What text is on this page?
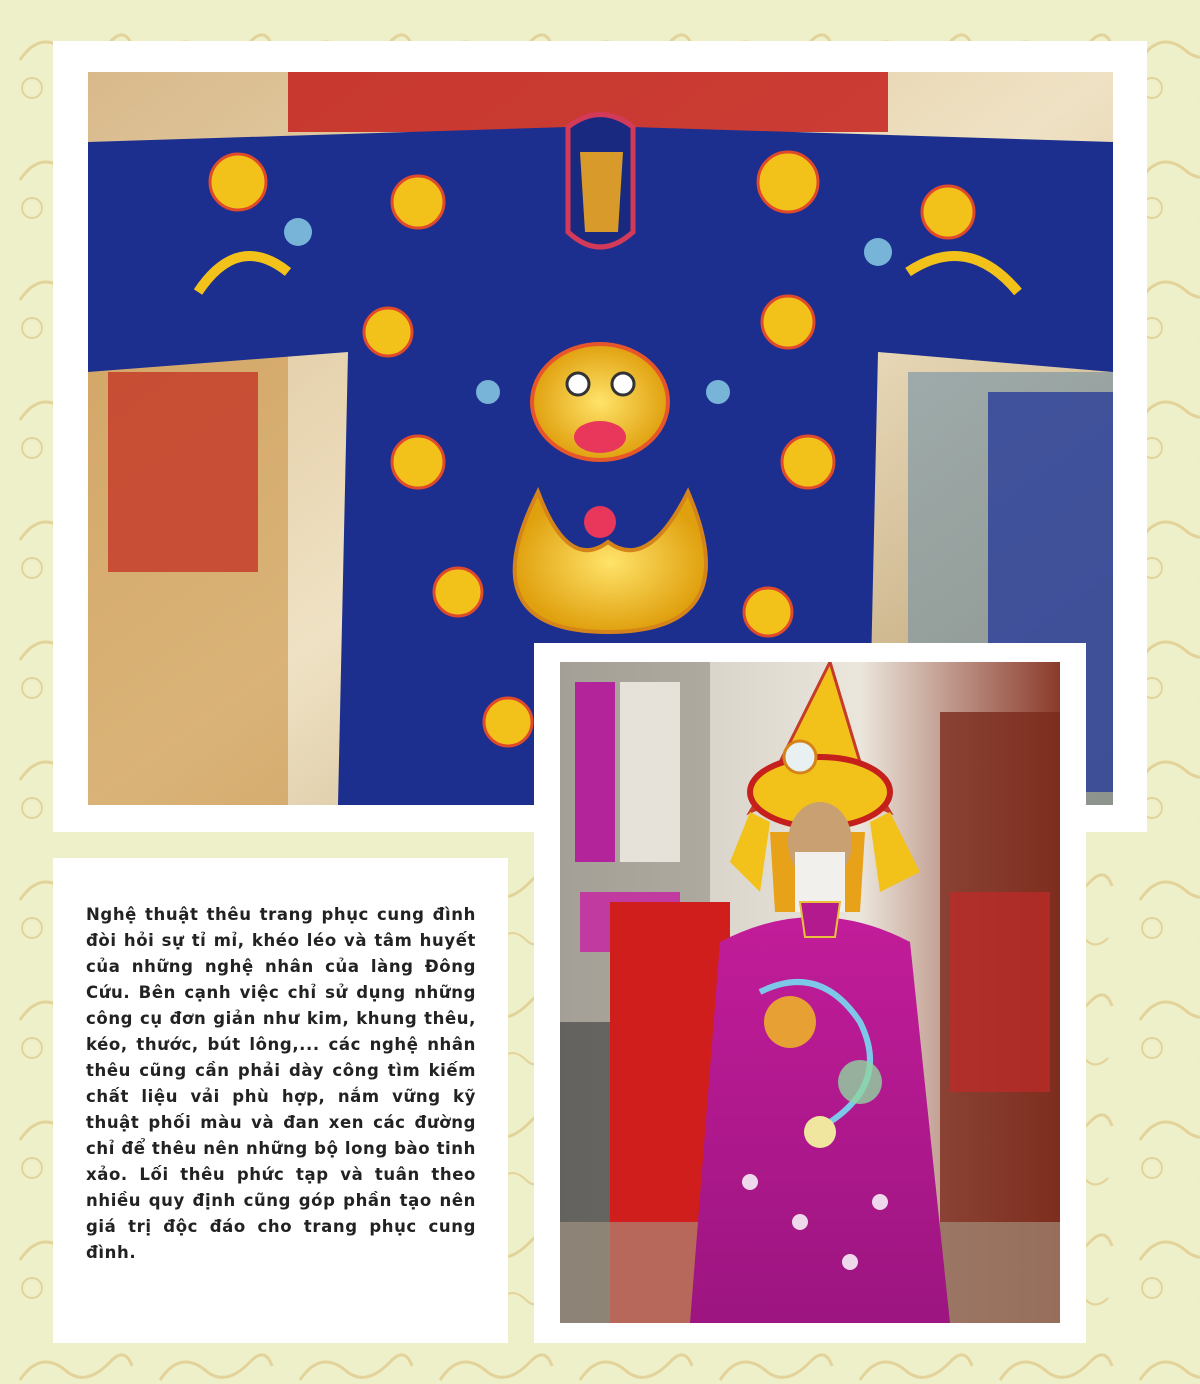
Nghệ thuật thêu trang phục cung đình đòi hỏi sự tỉ mỉ, khéo léo và tâm huyết của những nghệ nhân của làng Đông Cứu. Bên cạnh việc chỉ sử dụng những công cụ đơn giản như kim, khung thêu, kéo, thước, bút lông,... các nghệ nhân thêu cũng cần phải dày công tìm kiếm chất liệu vải phù hợp, nắm vững kỹ thuật phối màu và đan xen các đường chỉ để thêu nên những bộ long bào tinh xảo. Lối thêu phức tạp và tuân theo nhiều quy định cũng góp phần tạo nên giá trị độc đáo cho trang phục cung đình.
